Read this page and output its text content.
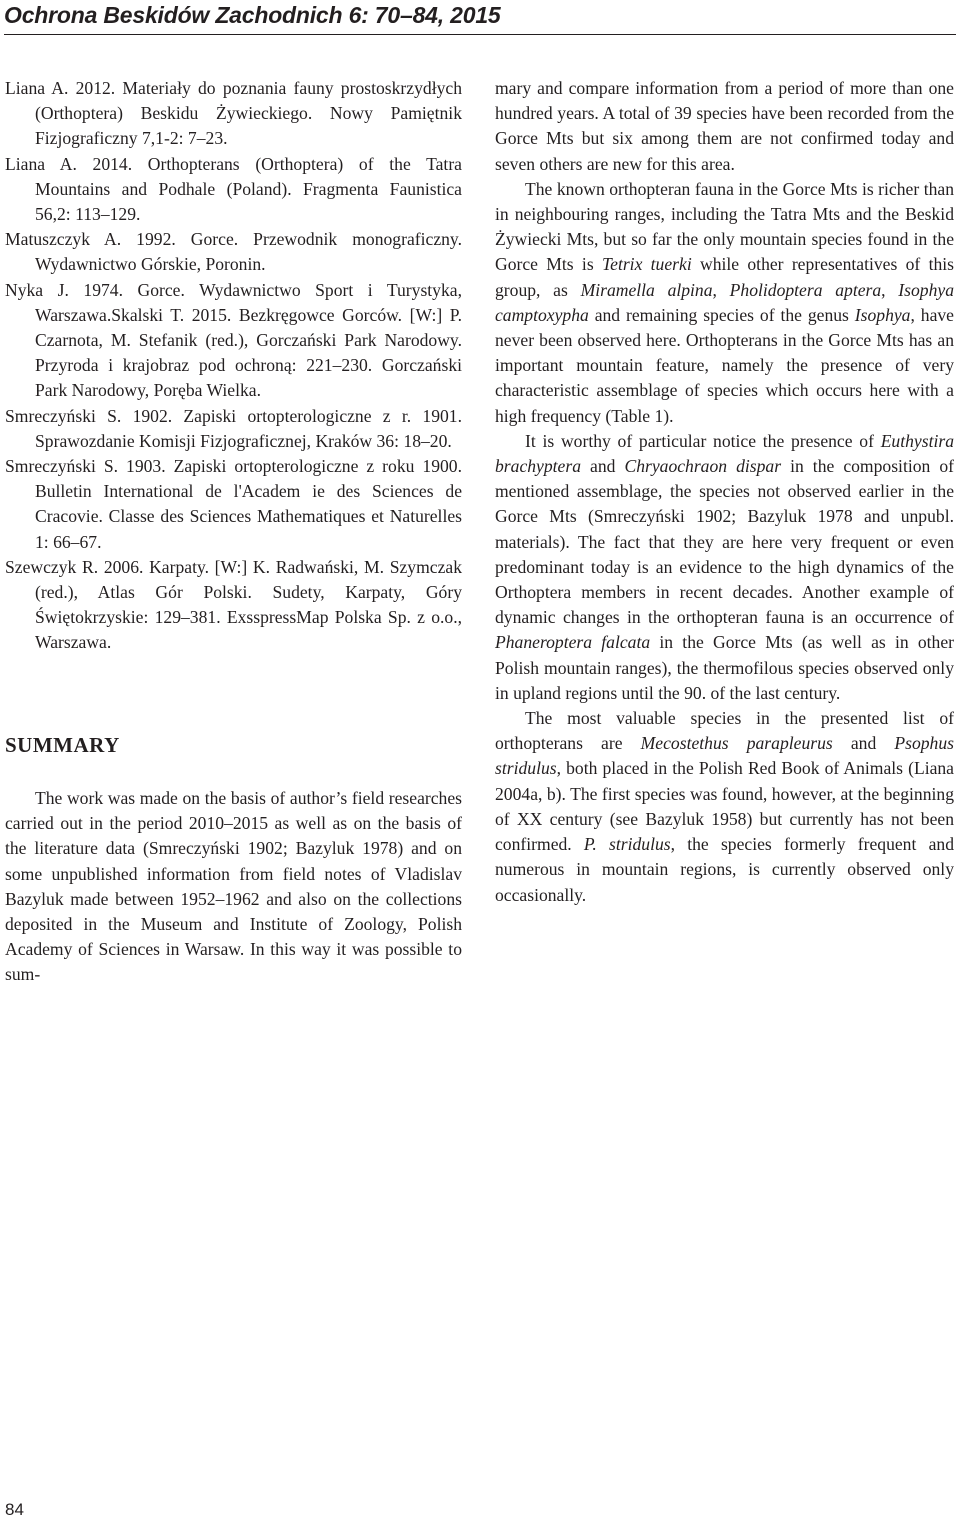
Ochrona Beskidów Zachodnich 6: 70–84, 2015

Liana A. 2012. Materiały do poznania fauny prostoskrzydłych (Orthoptera) Beskidu Żywieckiego. Nowy Pamiętnik Fizjograficzny 7,1-2: 7–23.

Liana A. 2014. Orthopterans (Orthoptera) of the Tatra Mountains and Podhale (Poland). Fragmenta Faunistica 56,2: 113–129.

Matuszczyk A. 1992. Gorce. Przewodnik monograficzny. Wydawnictwo Górskie, Poronin.

Nyka J. 1974. Gorce. Wydawnictwo Sport i Turystyka, Warszawa.Skalski T. 2015. Bezkręgowce Gorców. [W:] P. Czarnota, M. Stefanik (red.), Gorczański Park Narodowy. Przyroda i krajobraz pod ochroną: 221–230. Gorczański Park Narodowy, Poręba Wielka.

Smreczyński S. 1902. Zapiski ortopterologiczne z r. 1901. Sprawozdanie Komisji Fizjograficznej, Kraków 36: 18–20.

Smreczyński S. 1903. Zapiski ortopterologiczne z roku 1900. Bulletin International de l'Academ ie des Sciences de Cracovie. Classe des Sciences Mathematiques et Naturelles 1: 66–67.

Szewczyk R. 2006. Karpaty. [W:] K. Radwański, M. Szymczak (red.), Atlas Gór Polski. Sudety, Karpaty, Góry Świętokrzyskie: 129–381. ExsspressMap Polska Sp. z o.o., Warszawa.

SUMMARY

The work was made on the basis of author’s field researches carried out in the period 2010–2015 as well as on the basis of the literature data (Smreczyński 1902; Bazyluk 1978) and on some unpublished information from field notes of Vladislav Bazyluk made between 1952–1962 and also on the collections deposited in the Museum and Institute of Zoology, Polish Academy of Sciences in Warsaw. In this way it was possible to sum-

mary and compare information from a period of more than one hundred years. A total of 39 species have been recorded from the Gorce Mts but six among them are not confirmed today and seven others are new for this area.

The known orthopteran fauna in the Gorce Mts is richer than in neighbouring ranges, including the Tatra Mts and the Beskid Żywiecki Mts, but so far the only mountain species found in the Gorce Mts is Tetrix tuerki while other representatives of this group, as Miramella alpina, Pholidoptera aptera, Isophya camptoxypha and remaining species of the genus Isophya, have never been observed here. Orthopterans in the Gorce Mts has an important mountain feature, namely the presence of very characteristic assemblage of species which occurs here with a high frequency (Table 1).

It is worthy of particular notice the presence of Euthystira brachyptera and Chryaochraon dispar in the composition of mentioned assemblage, the species not observed earlier in the Gorce Mts (Smreczyński 1902; Bazyluk 1978 and unpubl. materials). The fact that they are here very frequent or even predominant today is an evidence to the high dynamics of the Orthoptera members in recent decades. Another example of dynamic changes in the orthopteran fauna is an occurrence of Phaneroptera falcata in the Gorce Mts (as well as in other Polish mountain ranges), the thermofilous species observed only in upland regions until the 90. of the last century.

The most valuable species in the presented list of orthopterans are Mecostethus parapleurus and Psophus stridulus, both placed in the Polish Red Book of Animals (Liana 2004a, b). The first species was found, however, at the beginning of XX century (see Bazyluk 1958) but currently has not been confirmed. P. stridulus, the species formerly frequent and numerous in mountain regions, is currently observed only occasionally.

84
